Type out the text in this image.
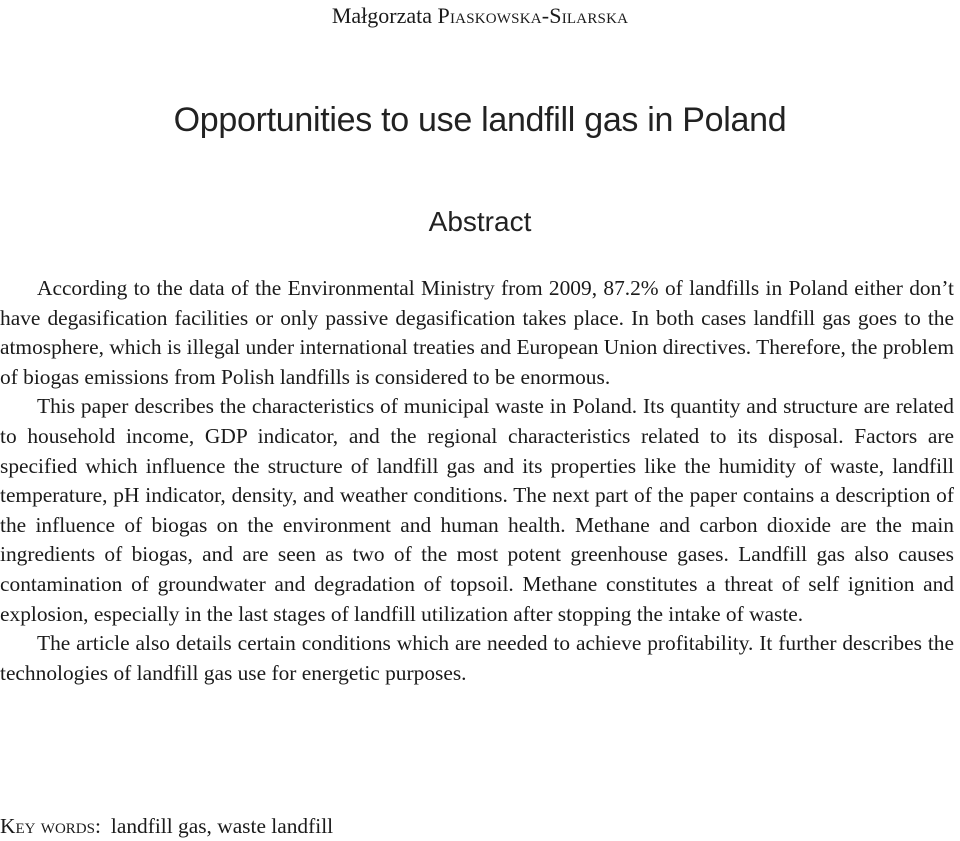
Małgorzata Piaskowska-Silarska
Opportunities to use landfill gas in Poland
Abstract

According to the data of the Environmental Ministry from 2009, 87.2% of landfills in Poland either don’t have degasification facilities or only passive degasification takes place. In both cases landfill gas goes to the atmosphere, which is illegal under international treaties and European Union directives. Therefore, the problem of biogas emissions from Polish landfills is considered to be enormous.

This paper describes the characteristics of municipal waste in Poland. Its quantity and structure are related to household income, GDP indicator, and the regional characteristics related to its disposal. Factors are specified which influence the structure of landfill gas and its properties like the humidity of waste, landfill temperature, pH indicator, density, and weather conditions. The next part of the paper contains a description of the influence of biogas on the environment and human health. Methane and carbon dioxide are the main ingredients of biogas, and are seen as two of the most potent greenhouse gases. Landfill gas also causes contamination of groundwater and degradation of topsoil. Methane constitutes a threat of self ignition and explosion, especially in the last stages of landfill utilization after stopping the intake of waste.

The article also details certain conditions which are needed to achieve profitability. It further describes the technologies of landfill gas use for energetic purposes.

Key words: landfill gas, waste landfill
